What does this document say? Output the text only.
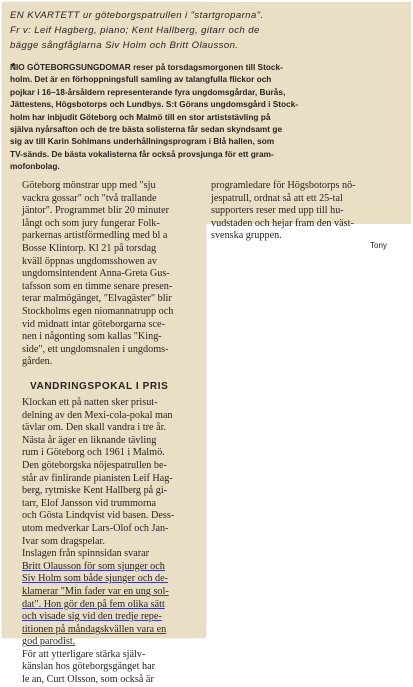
EN KVARTETT ur göteborgspatrullen i "startgroparna".
Fr v: Leif Hagberg, piano; Kent Hallberg, gitarr och de
bägge sångfåglarna Siv Holm och Britt Olausson.
NIO GÖTEBORGSUNGDOMAR reser på torsdagsmorgonen till Stock-
holm. Det är en förhoppningsfull samling av talangfulla flickor och
pojkar i 16–18-årsåldern representerande fyra ungdomsgårdar, Burås,
Jättestens, Högsbotorps och Lundbys. S:t Görans ungdomsgård i Stock-
holm har inbjudit Göteborg och Malmö till en stor artiststävling på
själva nyårsafton och de tre bästa solisterna får sedan skyndsamt ge
sig av till Karin Sohlmans underhållningsprogram i Blå hallen, som
TV-sänds. De bästa vokalisterna får också provsjunga för ett gram-
mofonbolag.
Göteborg mönstrar upp med "sju
vackra gossar" och "två trallande
jäntor". Programmet blir 20 minuter
långt och som jury fungerar Folk-
parkernas artistförmedling med bl a
Bosse Klintorp. Kl 21 på torsdag
kväll öppnas ungdomsshowen av
ungdomsintendent Anna-Greta Gus-
tafsson som en timme senare presen-
terar malmögänget, "Elvagäster" blir
Stockholms egen niomannatrupp och
vid midnatt intar göteborgarna sce-
nen i någonting som kallas "King-
side", ett ungdomsnalen i ungdoms-
gården.
programledare för Högsbotorps nö-
jespatrull, ordnat så att ett 25-tal
supporters reser med upp till hu-
vudstaden och hejar fram den väst-
svenska gruppen.
Tony
VANDRINGSPOKAL I PRIS
Klockan ett på natten sker prisut-
delning av den Mexi-cola-pokal man
tävlar om. Den skall vandra i tre år.
Nästa år äger en liknande tävling
rum i Göteborg och 1961 i Malmö.
Den göteborgska nöjespatrullen be-
står av finlirande pianisten Leif Hag-
berg, rytmiske Kent Hallberg på gi-
tarr, Elof Jansson vid trummorna
och Gösta Lindqvist vid basen. Dess-
utom medverkar Lars-Olof och Jan-
Ivar som dragspelar.
Inslagen från spinnsidan svarar
Britt Olausson för som sjunger och
Siv Holm som både sjunger och de-
klamerar "Min fader var en ung sol-
dat". Hon gör den på fem olika sätt
och visade sig vid den tredje repe-
titionen på måndagskvällen vara en
god parodist.
För att ytterligare stärka själv-
känslan hos göteborgsgänget har
le an, Curt Olsson, som också är
